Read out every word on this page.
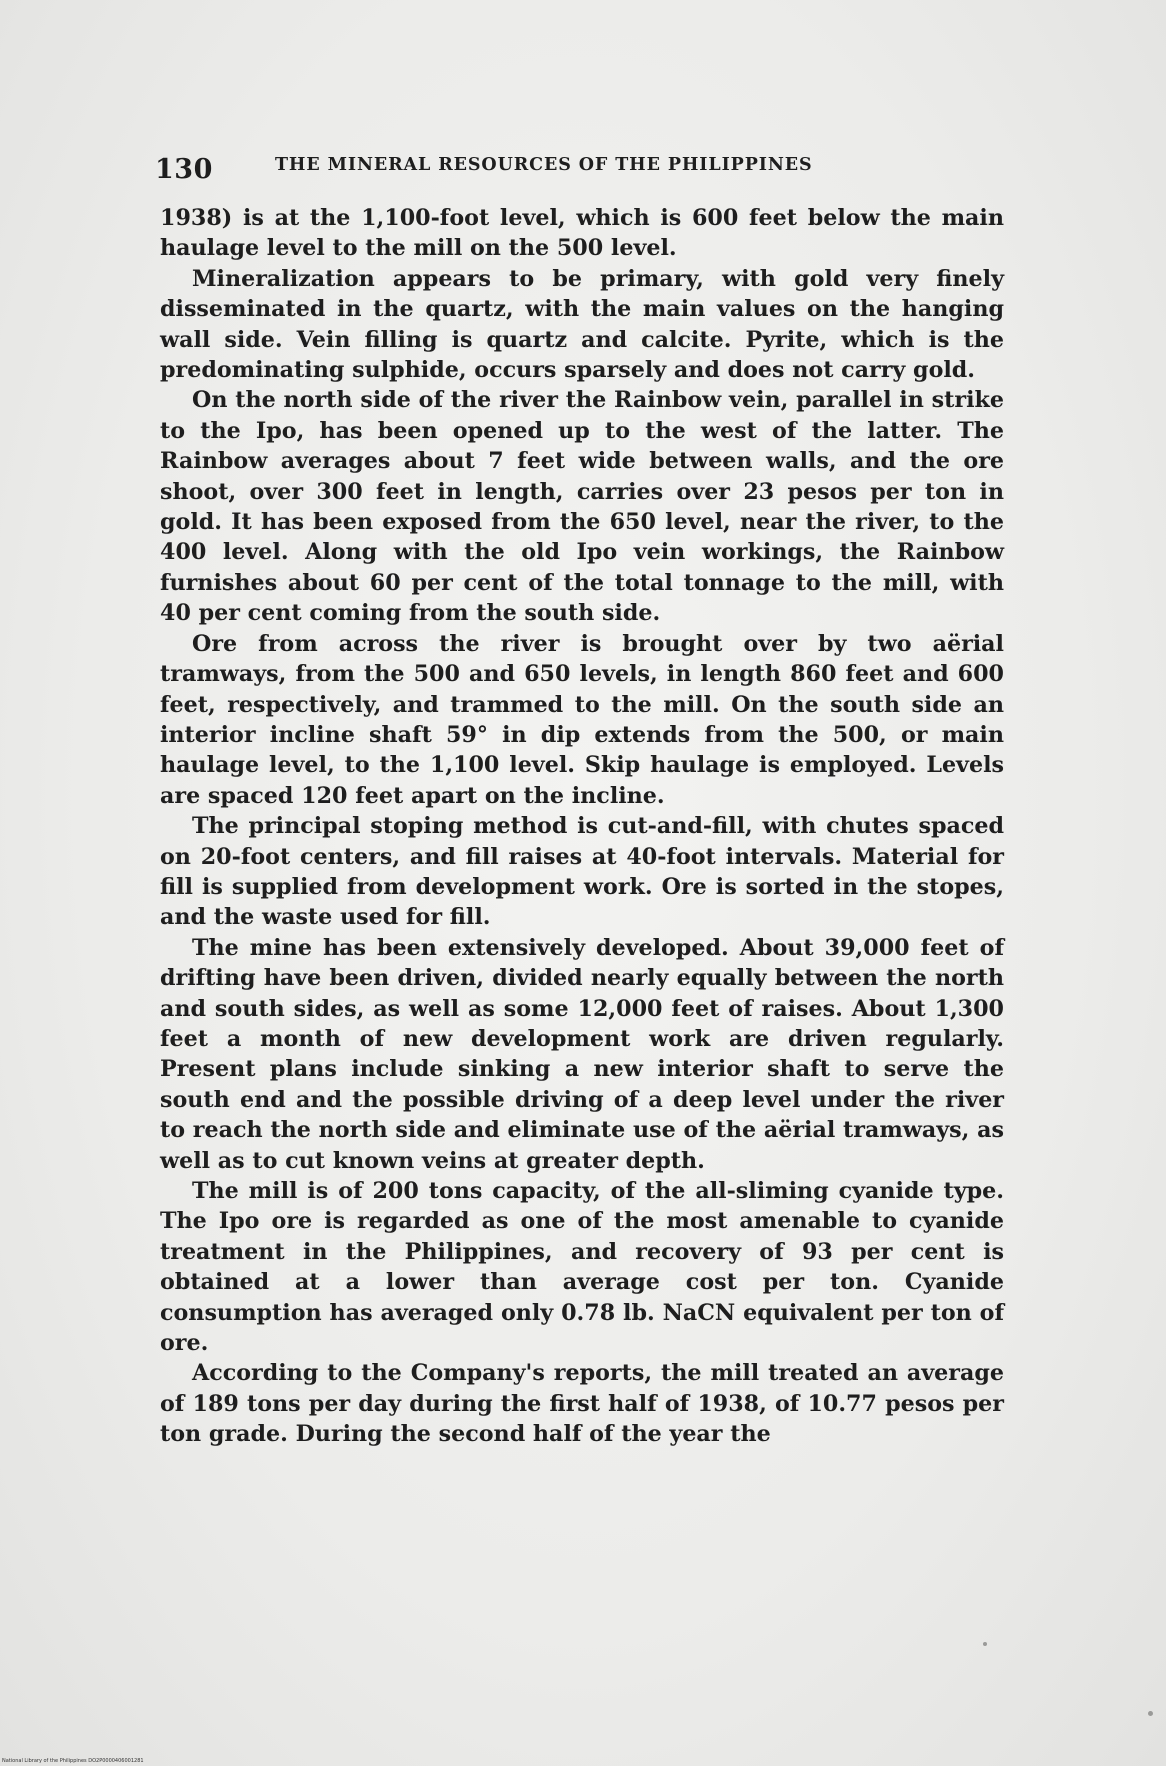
130	THE MINERAL RESOURCES OF THE PHILIPPINES

1938) is at the 1,100-foot level, which is 600 feet below the main haulage level to the mill on the 500 level.

Mineralization appears to be primary, with gold very finely disseminated in the quartz, with the main values on the hanging wall side. Vein filling is quartz and calcite. Pyrite, which is the predominating sulphide, occurs sparsely and does not carry gold.

On the north side of the river the Rainbow vein, parallel in strike to the Ipo, has been opened up to the west of the latter. The Rainbow averages about 7 feet wide between walls, and the ore shoot, over 300 feet in length, carries over 23 pesos per ton in gold. It has been exposed from the 650 level, near the river, to the 400 level. Along with the old Ipo vein workings, the Rainbow furnishes about 60 per cent of the total tonnage to the mill, with 40 per cent coming from the south side.

Ore from across the river is brought over by two aërial tramways, from the 500 and 650 levels, in length 860 feet and 600 feet, respectively, and trammed to the mill. On the south side an interior incline shaft 59° in dip extends from the 500, or main haulage level, to the 1,100 level. Skip haulage is employed. Levels are spaced 120 feet apart on the incline.

The principal stoping method is cut-and-fill, with chutes spaced on 20-foot centers, and fill raises at 40-foot intervals. Material for fill is supplied from development work. Ore is sorted in the stopes, and the waste used for fill.

The mine has been extensively developed. About 39,000 feet of drifting have been driven, divided nearly equally between the north and south sides, as well as some 12,000 feet of raises. About 1,300 feet a month of new development work are driven regularly. Present plans include sinking a new interior shaft to serve the south end and the possible driving of a deep level under the river to reach the north side and eliminate use of the aërial tramways, as well as to cut known veins at greater depth.

The mill is of 200 tons capacity, of the all-sliming cyanide type. The Ipo ore is regarded as one of the most amenable to cyanide treatment in the Philippines, and recovery of 93 per cent is obtained at a lower than average cost per ton. Cyanide consumption has averaged only 0.78 lb. NaCN equivalent per ton of ore.

According to the Company's reports, the mill treated an average of 189 tons per day during the first half of 1938, of 10.77 pesos per ton grade. During the second half of the year the

National Library of the Philippines DO2P0000406001281
